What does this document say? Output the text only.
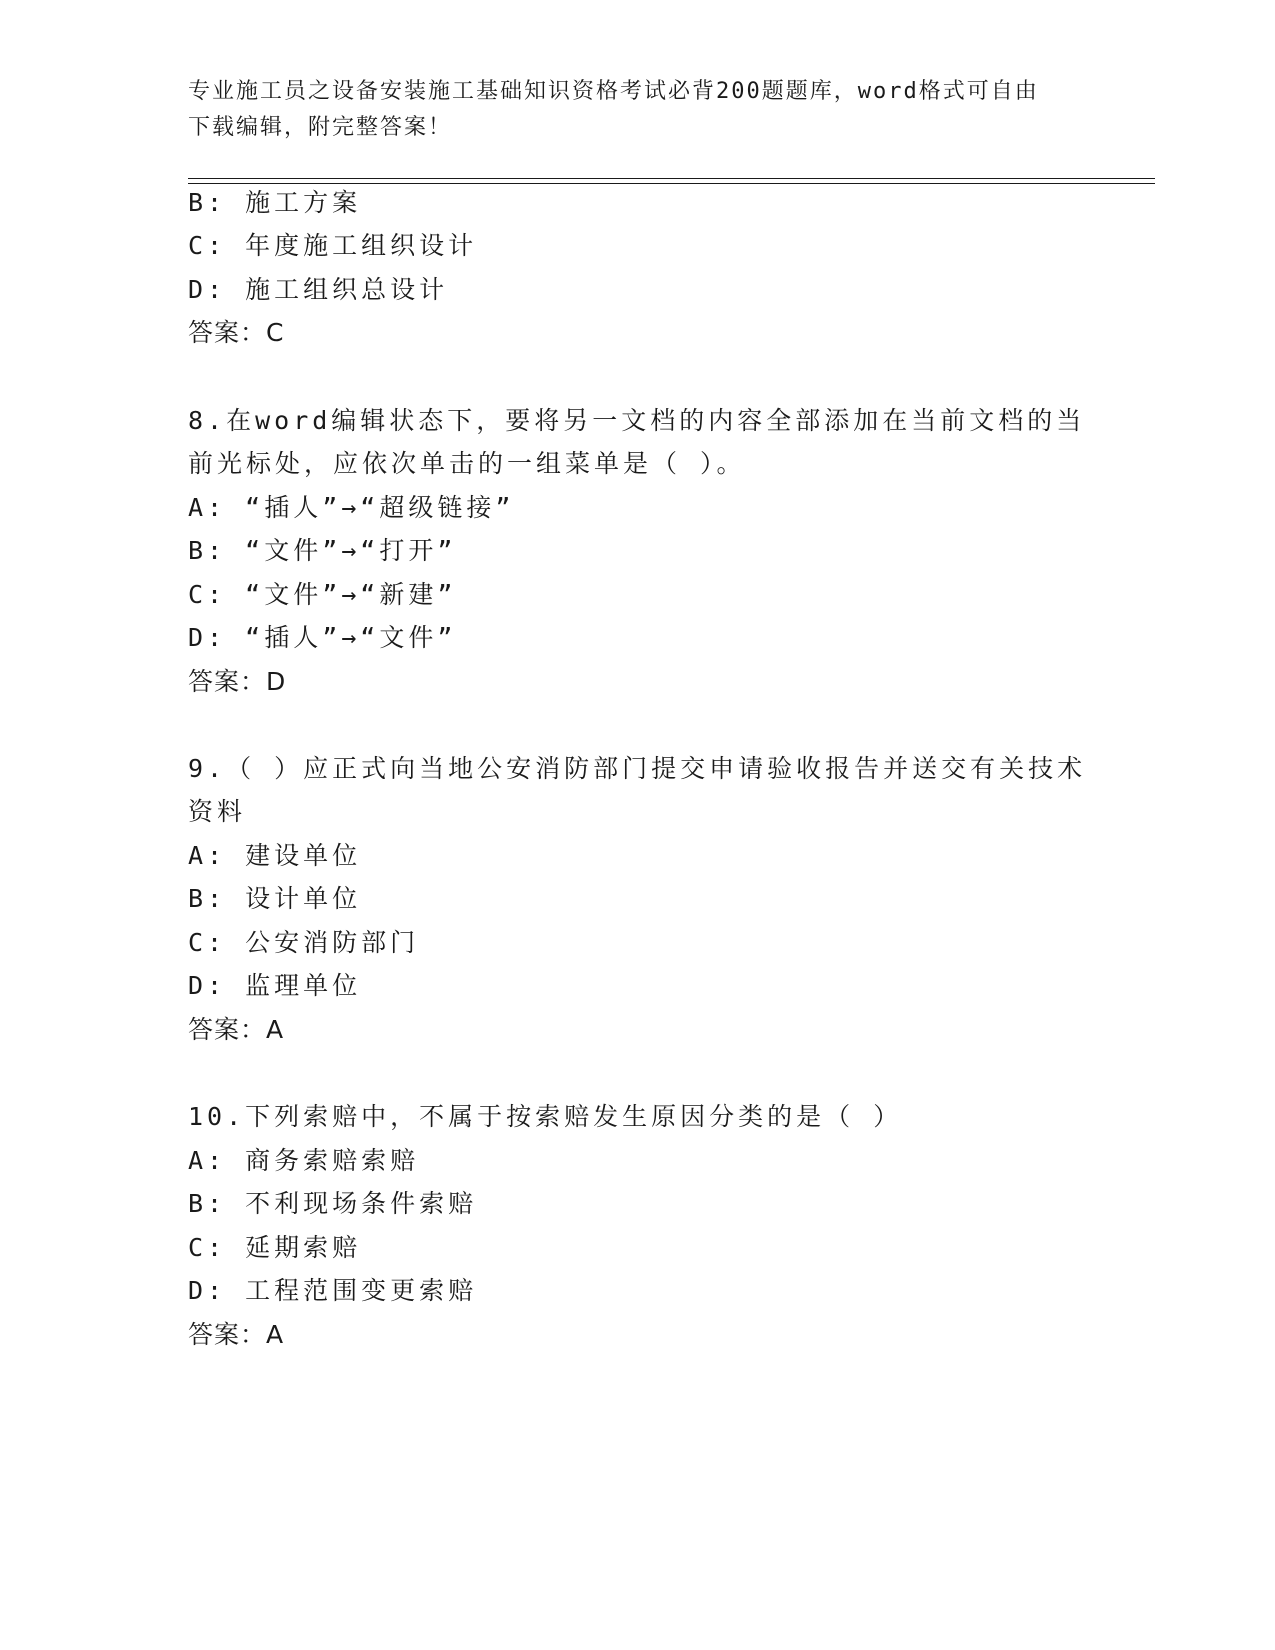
专业施工员之设备安装施工基础知识资格考试必背200题题库，word格式可自由
下载编辑，附完整答案！
B: 施工方案
C: 年度施工组织设计
D: 施工组织总设计
答案：C
8.在word编辑状态下，要将另一文档的内容全部添加在当前文档的当
前光标处，应依次单击的一组菜单是（ ）。
A: “插人”→“超级链接”
B: “文件”→“打开”
C: “文件”→“新建”
D: “插人”→“文件”
答案：D
9.（ ）应正式向当地公安消防部门提交申请验收报告并送交有关技术
资料
A: 建设单位
B: 设计单位
C: 公安消防部门
D: 监理单位
答案：A
10.下列索赔中，不属于按索赔发生原因分类的是（ ）
A: 商务索赔索赔
B: 不利现场条件索赔
C: 延期索赔
D: 工程范围变更索赔
答案：A
